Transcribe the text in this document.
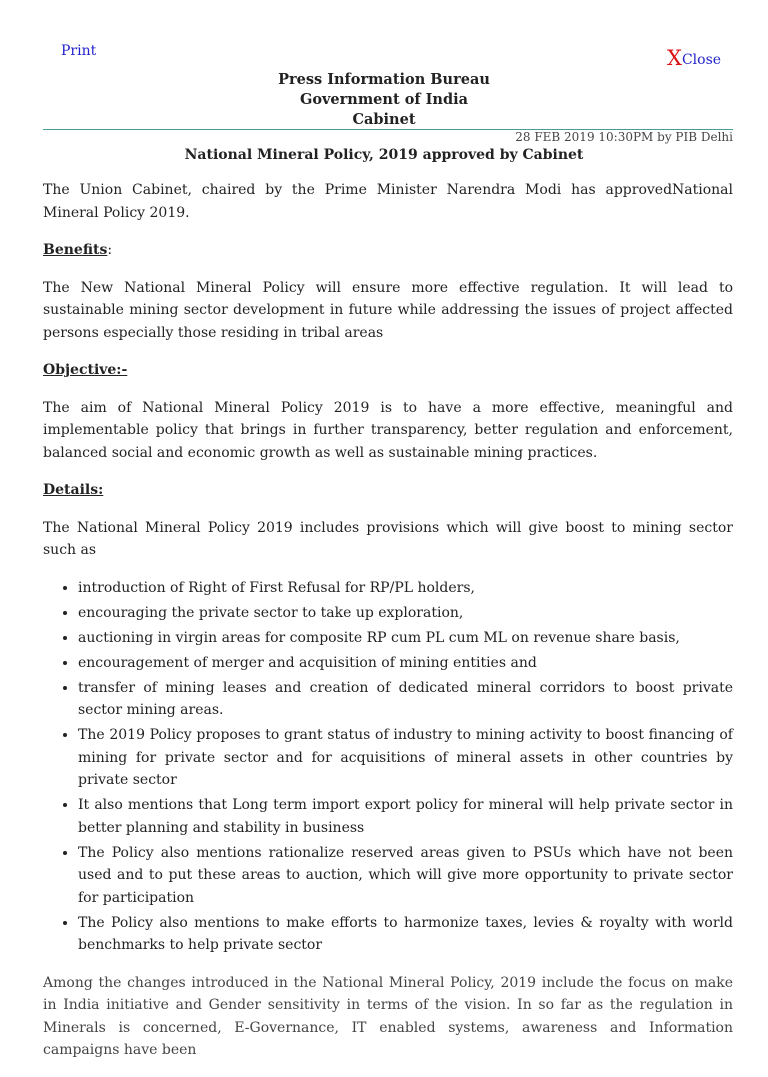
Print	XClose
Press Information Bureau
Government of India
Cabinet
28 FEB 2019 10:30PM by PIB Delhi
National Mineral Policy, 2019 approved by Cabinet

The Union Cabinet, chaired by the Prime Minister Narendra Modi has approvedNational Mineral Policy 2019.

Benefits:

The New National Mineral Policy will ensure more effective regulation. It will lead to sustainable mining sector development in future while addressing the issues of project affected persons especially those residing in tribal areas

Objective:-

The aim of National Mineral Policy 2019 is to have a more effective, meaningful and implementable policy that brings in further transparency, better regulation and enforcement, balanced social and economic growth as well as sustainable mining practices.

Details:

The National Mineral Policy 2019 includes provisions which will give boost to mining sector such as

• introduction of Right of First Refusal for RP/PL holders,
• encouraging the private sector to take up exploration,
• auctioning in virgin areas for composite RP cum PL cum ML on revenue share basis,
• encouragement of merger and acquisition of mining entities and
• transfer of mining leases and creation of dedicated mineral corridors to boost private sector mining areas.
• The 2019 Policy proposes to grant status of industry to mining activity to boost financing of mining for private sector and for acquisitions of mineral assets in other countries by private sector
• It also mentions that Long term import export policy for mineral will help private sector in better planning and stability in business
• The Policy also mentions rationalize reserved areas given to PSUs which have not been used and to put these areas to auction, which will give more opportunity to private sector for participation
• The Policy also mentions to make efforts to harmonize taxes, levies & royalty with world benchmarks to help private sector

Among the changes introduced in the National Mineral Policy, 2019 include the focus on make in India initiative and Gender sensitivity in terms of the vision. In so far as the regulation in Minerals is concerned, E-Governance, IT enabled systems, awareness and Information campaigns have been
